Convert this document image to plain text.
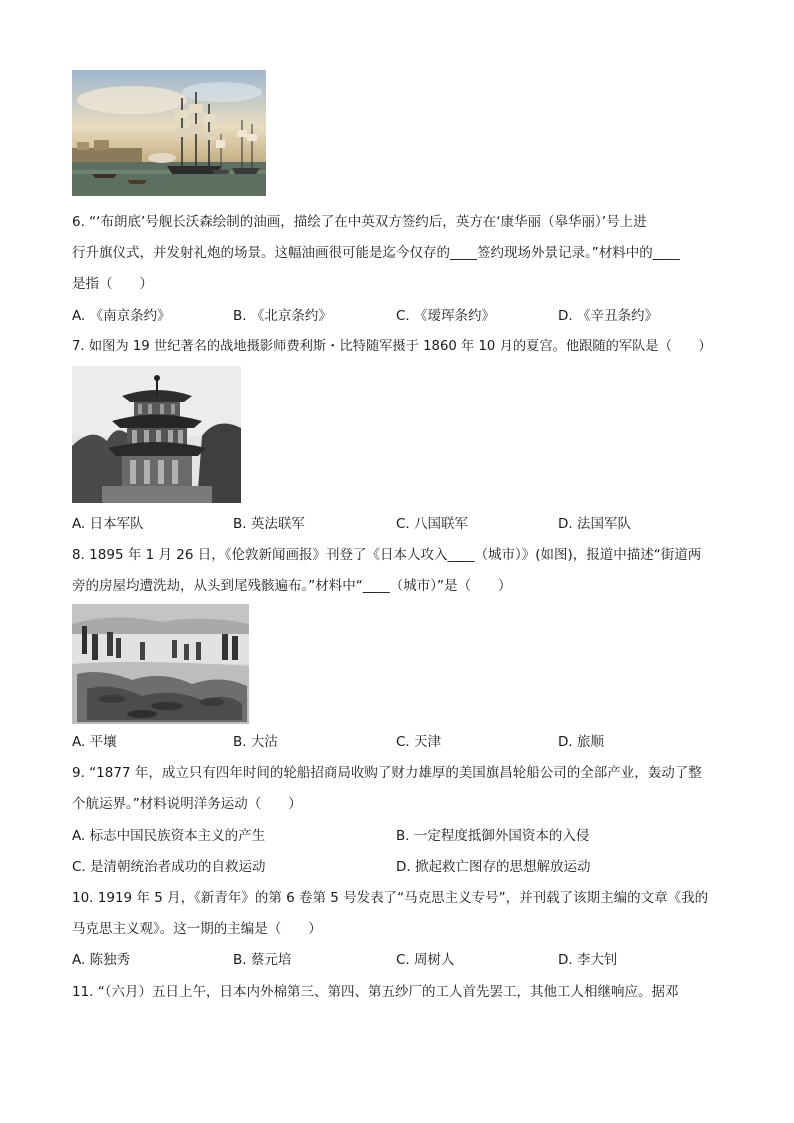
6. “‘布朗底’号舰长沃森绘制的油画，描绘了在中英双方签约后，英方在‘康华丽（皋华丽）’号上进
行升旗仪式，并发射礼炮的场景。这幅油画很可能是迄今仅存的____签约现场外景记录。”材料中的____
是指（　　）
A. 《南京条约》	B. 《北京条约》	C. 《瑷珲条约》	D. 《辛丑条约》
7. 如图为 19 世纪著名的战地摄影师费利斯・比特随军摄于 1860 年 10 月的夏宫。他跟随的军队是（　　）
A. 日本军队	B. 英法联军	C. 八国联军	D. 法国军队
8. 1895 年 1 月 26 日，《伦敦新闻画报》刊登了《日本人攻入____（城市）》(如图)，报道中描述“街道两
旁的房屋均遭洗劫，从头到尾残骸遍布。”材料中“____（城市）”是（　　）
A. 平壤	B. 大沽	C. 天津	D. 旅顺
9. “1877 年，成立只有四年时间的轮船招商局收购了财力雄厚的美国旗昌轮船公司的全部产业，轰动了整
个航运界。”材料说明洋务运动（　　）
A. 标志中国民族资本主义的产生	B. 一定程度抵御外国资本的入侵
C. 是清朝统治者成功的自救运动	D. 掀起救亡图存的思想解放运动
10. 1919 年 5 月，《新青年》的第 6 卷第 5 号发表了“马克思主义专号”，并刊载了该期主编的文章《我的
马克思主义观》。这一期的主编是（　　）
A. 陈独秀	B. 蔡元培	C. 周树人	D. 李大钊
11. “（六月）五日上午，日本内外棉第三、第四、第五纱厂的工人首先罢工，其他工人相继响应。据邓
